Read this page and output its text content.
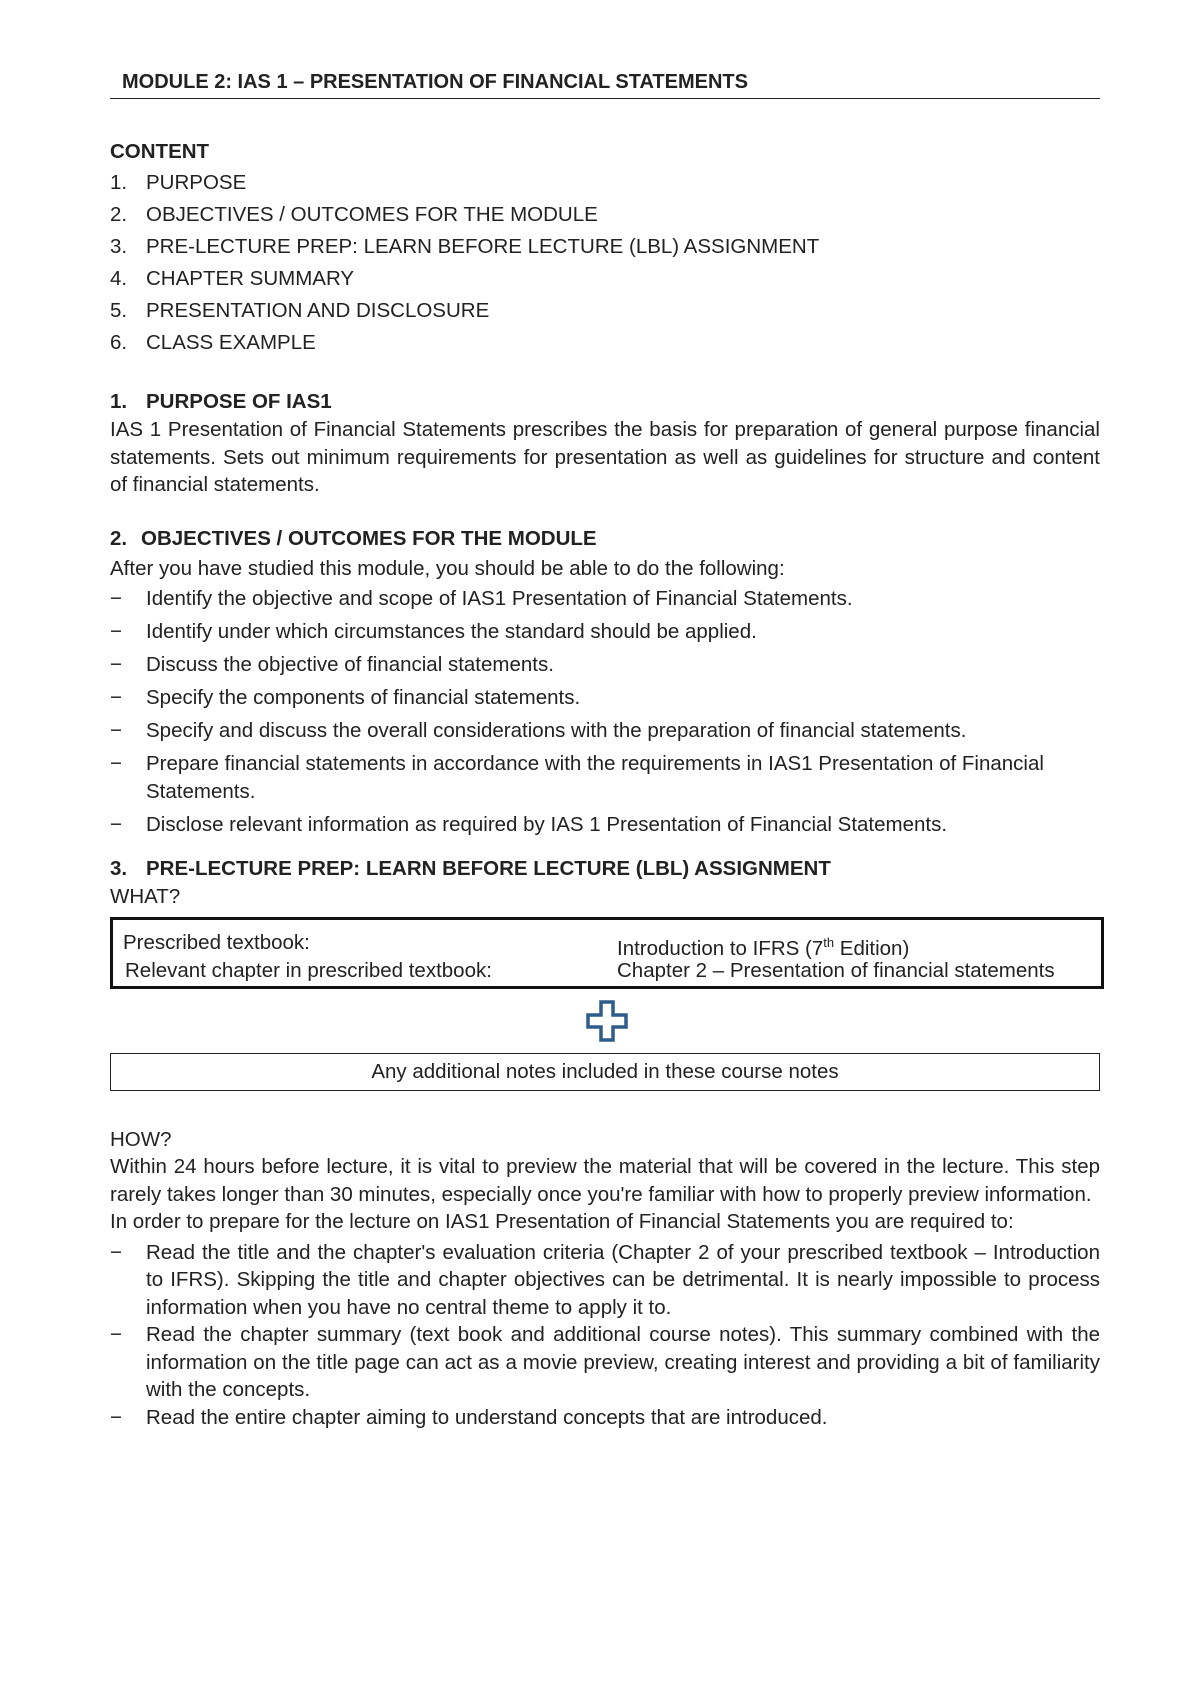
MODULE 2: IAS 1 – PRESENTATION OF FINANCIAL STATEMENTS
CONTENT
1. PURPOSE
2. OBJECTIVES / OUTCOMES FOR THE MODULE
3. PRE-LECTURE PREP: LEARN BEFORE LECTURE (LBL) ASSIGNMENT
4. CHAPTER SUMMARY
5. PRESENTATION AND DISCLOSURE
6. CLASS EXAMPLE
1. PURPOSE OF IAS1
IAS 1 Presentation of Financial Statements prescribes the basis for preparation of general purpose financial statements. Sets out minimum requirements for presentation as well as guidelines for structure and content of financial statements.
2. OBJECTIVES / OUTCOMES FOR THE MODULE
After you have studied this module, you should be able to do the following:
− Identify the objective and scope of IAS1 Presentation of Financial Statements.
− Identify under which circumstances the standard should be applied.
− Discuss the objective of financial statements.
− Specify the components of financial statements.
− Specify and discuss the overall considerations with the preparation of financial statements.
− Prepare financial statements in accordance with the requirements in IAS1 Presentation of Financial Statements.
− Disclose relevant information as required by IAS 1 Presentation of Financial Statements.
3. PRE-LECTURE PREP: LEARN BEFORE LECTURE (LBL) ASSIGNMENT
WHAT?
Prescribed textbook:	Introduction to IFRS (7th Edition)
Relevant chapter in prescribed textbook:	Chapter 2 – Presentation of financial statements
Any additional notes included in these course notes
HOW?
Within 24 hours before lecture, it is vital to preview the material that will be covered in the lecture. This step rarely takes longer than 30 minutes, especially once you're familiar with how to properly preview information.
In order to prepare for the lecture on IAS1 Presentation of Financial Statements you are required to:
− Read the title and the chapter's evaluation criteria (Chapter 2 of your prescribed textbook – Introduction to IFRS). Skipping the title and chapter objectives can be detrimental. It is nearly impossible to process information when you have no central theme to apply it to.
− Read the chapter summary (text book and additional course notes). This summary combined with the information on the title page can act as a movie preview, creating interest and providing a bit of familiarity with the concepts.
− Read the entire chapter aiming to understand concepts that are introduced.
